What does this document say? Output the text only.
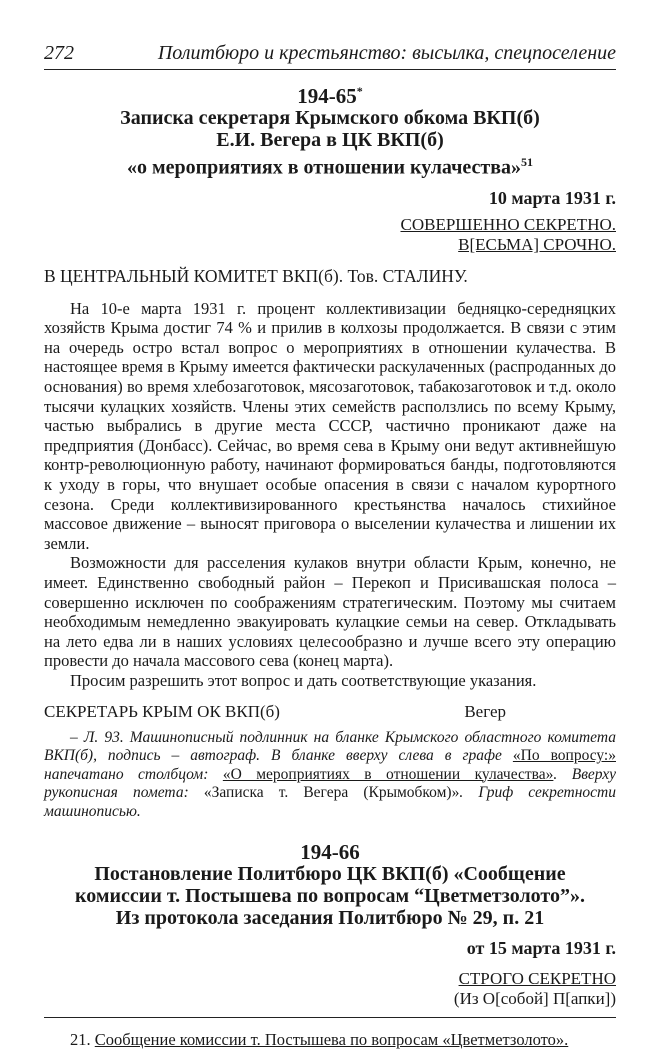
272	Политбюро и крестьянство: высылка, спецпоселение
194-65*
Записка секретаря Крымского обкома ВКП(б)
Е.И. Вегера в ЦК ВКП(б)
«о мероприятиях в отношении кулачества»$^{51}$
10 марта 1931 г.
СОВЕРШЕННО СЕКРЕТНО.
В[ЕСЬМА] СРОЧНО.
В ЦЕНТРАЛЬНЫЙ КОМИТЕТ ВКП(б). Тов. СТАЛИНУ.

На 10-е марта 1931 г. процент коллективизации бедняцко-середняцких хозяйств Крыма достиг 74 % и прилив в колхозы продолжается. В связи с этим на очередь остро встал вопрос о мероприятиях в отношении кулачества. В настоящее время в Крыму имеется фактически раскулаченных (распроданных до основания) во время хлебозаготовок, мясозаготовок, табакозаготовок и т.д. около тысячи кулацких хозяйств. Члены этих семейств расползлись по всему Крыму, частью выбрались в другие места СССР, частично проникают даже на предприятия (Донбасс). Сейчас, во время сева в Крыму они ведут активнейшую контр-революционную работу, начинают формироваться банды, подготовляются к уходу в горы, что внушает особые опасения в связи с началом курортного сезона. Среди коллективизированного крестьянства началось стихийное массовое движение – выносят приговора о выселении кулачества и лишении их земли.

Возможности для расселения кулаков внутри области Крым, конечно, не имеет. Единственно свободный район – Перекоп и Присивашская полоса – совершенно исключен по соображениям стратегическим. Поэтому мы считаем необходимым немедленно эвакуировать кулацкие семьи на север. Откладывать на лето едва ли в наших условиях целесообразно и лучше всего эту операцию провести до начала массового сева (конец марта).

Просим разрешить этот вопрос и дать соответствующие указания.

СЕКРЕТАРЬ КРЫМ ОК ВКП(б)	Вегер
– Л. 93. Машинописный подлинник на бланке Крымского областного комитета ВКП(б), подпись – автограф. В бланке вверху слева в графе «По вопросу:» напечатано столбцом: «О мероприятиях в отношении кулачества». Вверху рукописная помета: «Записка т. Вегера (Крымобком)». Гриф секретности машинописью.
194-66
Постановление Политбюро ЦК ВКП(б) «Сообщение
комиссии т. Постышева по вопросам “Цветметзолото”».
Из протокола заседания Политбюро № 29, п. 21
от 15 марта 1931 г.
СТРОГО СЕКРЕТНО
(Из О[собой] П[апки])
21. Сообщение комиссии т. Постышева по вопросам «Цветметзолото».
